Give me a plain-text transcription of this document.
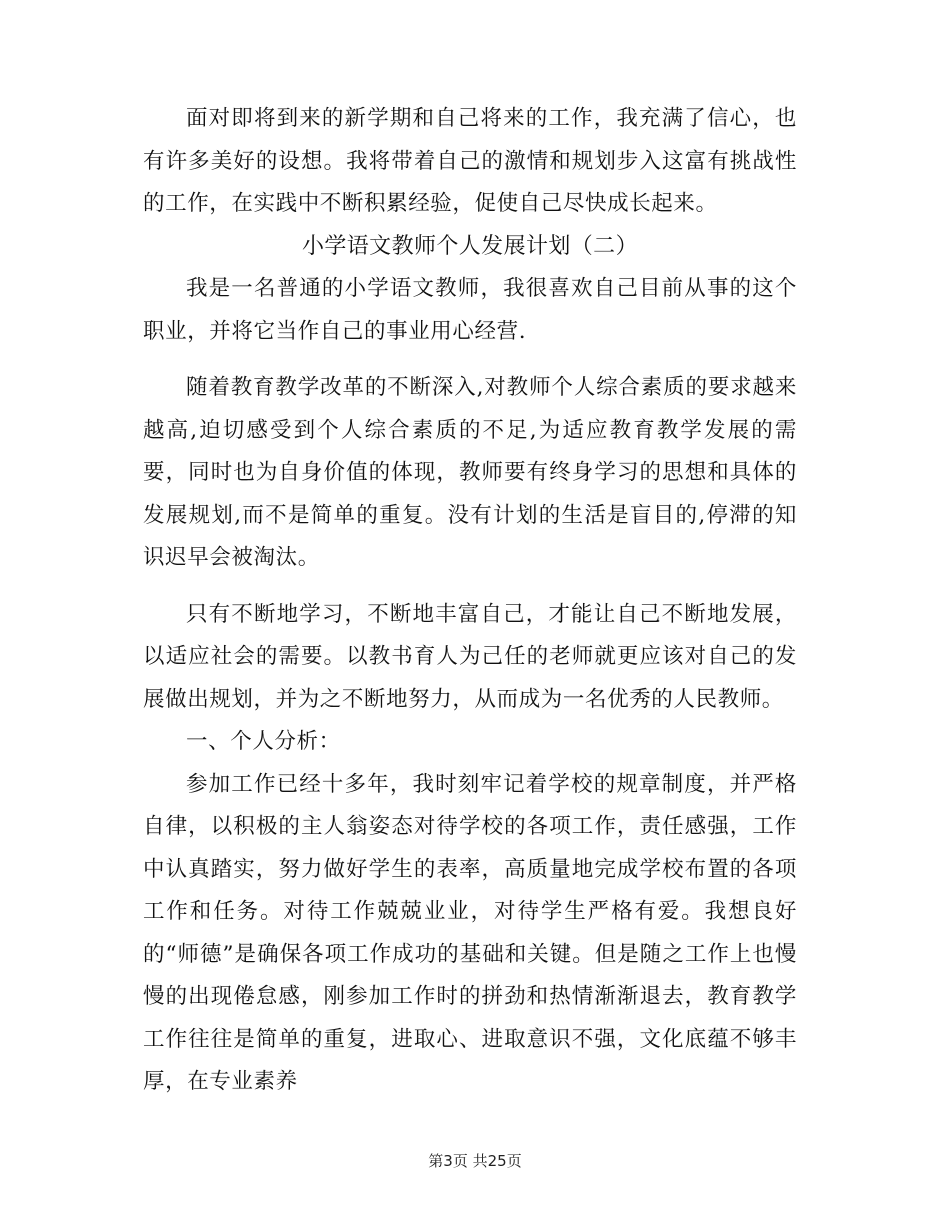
面对即将到来的新学期和自己将来的工作，我充满了信心，也有许多美好的设想。我将带着自己的激情和规划步入这富有挑战性的工作，在实践中不断积累经验，促使自己尽快成长起来。

小学语文教师个人发展计划（二）

我是一名普通的小学语文教师，我很喜欢自己目前从事的这个职业，并将它当作自己的事业用心经营.

随着教育教学改革的不断深入,对教师个人综合素质的要求越来越高,迫切感受到个人综合素质的不足,为适应教育教学发展的需要，同时也为自身价值的体现，教师要有终身学习的思想和具体的发展规划,而不是简单的重复。没有计划的生活是盲目的,停滞的知识迟早会被淘汰。

只有不断地学习，不断地丰富自己，才能让自己不断地发展，以适应社会的需要。以教书育人为己任的老师就更应该对自己的发展做出规划，并为之不断地努力，从而成为一名优秀的人民教师。

一、个人分析：

参加工作已经十多年，我时刻牢记着学校的规章制度，并严格自律，以积极的主人翁姿态对待学校的各项工作，责任感强，工作中认真踏实，努力做好学生的表率，高质量地完成学校布置的各项工作和任务。对待工作兢兢业业，对待学生严格有爱。我想良好的“师德”是确保各项工作成功的基础和关键。但是随之工作上也慢慢的出现倦怠感，刚参加工作时的拼劲和热情渐渐退去，教育教学工作往往是简单的重复，进取心、进取意识不强，文化底蕴不够丰厚，在专业素养

第3页 共25页
